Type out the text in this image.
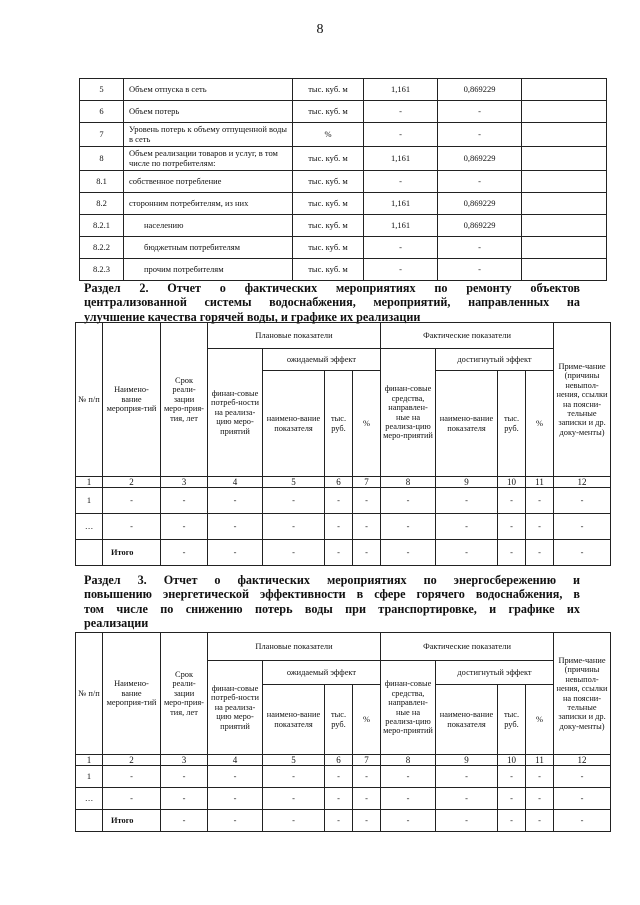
8
5	Объем отпуска в сеть	тыс. куб. м	1,161	0,869229	
6	Объем потерь	тыс. куб. м	-	-	
7	Уровень потерь к объему отпущенной воды в сеть	%	-	-	
8	Объем реализации товаров и услуг, в том числе по потребителям:	тыс. куб. м	1,161	0,869229	
8.1	собственное потребление	тыс. куб. м	-	-	
8.2	сторонним потребителям, из них	тыс. куб. м	1,161	0,869229	
8.2.1	населению	тыс. куб. м	1,161	0,869229	
8.2.2	бюджетным потребителям	тыс. куб. м	-	-	
8.2.3	прочим потребителям	тыс. куб. м	-	-	
Раздел 2. Отчет о фактических мероприятиях по ремонту объектов
централизованной системы водоснабжения, мероприятий, направленных на
улучшение качества горячей воды, и графике их реализации
№ п/п	Наимено-вание мероприя-тий	Срок реали-зации меро-прия-тия, лет	Плановые показатели				Фактические показатели				Приме-чание (причины невыпол-нения, ссылки на поясни-тельные записки и др. доку-менты)
			финан-совые потреб-ности на реализа-цию меро-приятий	ожидаемый эффект			финан-совые средства, направлен-ные на реализа-цию меро-приятий	достигнутый эффект			
				наимено-вание показателя	тыс. руб.	%		наимено-вание показателя	тыс. руб.	%	
1	2	3	4	5	6	7	8	9	10	11	12
1	-	-	-	-	-	-	-	-	-	-	-
…	-	-	-	-	-	-	-	-	-	-	-
	Итого	-	-	-	-	-	-	-	-	-	-
Раздел 3. Отчет о фактических мероприятиях по энергосбережению и
повышению энергетической эффективности в сфере горячего водоснабжения, в
том числе по снижению потерь воды при транспортировке, и графике их
реализации
№ п/п	Наимено-вание мероприя-тий	Срок реали-зации меро-прия-тия, лет	Плановые показатели				Фактические показатели				Приме-чание (причины невыпол-нения, ссылки на поясни-тельные записки и др. доку-менты)
			финан-совые потреб-ности на реализа-цию меро-приятий	ожидаемый эффект			финан-совые средства, направлен-ные на реализа-цию меро-приятий	достигнутый эффект			
				наимено-вание показателя	тыс. руб.	%		наимено-вание показателя	тыс. руб.	%	
1	2	3	4	5	6	7	8	9	10	11	12
1	-	-	-	-	-	-	-	-	-	-	-
…	-	-	-	-	-	-	-	-	-	-	-
	Итого	-	-	-	-	-	-	-	-	-	-
